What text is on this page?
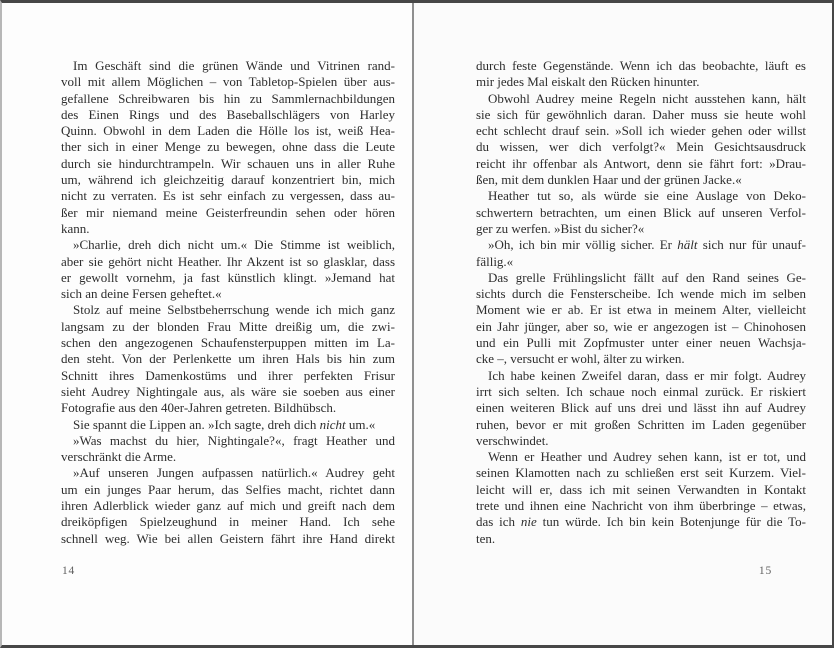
Im Geschäft sind die grünen Wände und Vitrinen rand-
voll mit allem Möglichen – von Tabletop-Spielen über aus-
gefallene Schreibwaren bis hin zu Sammlernachbildungen
des Einen Rings und des Baseballschlägers von Harley
Quinn. Obwohl in dem Laden die Hölle los ist, weiß Hea-
ther sich in einer Menge zu bewegen, ohne dass die Leute
durch sie hindurchtrampeln. Wir schauen uns in aller Ruhe
um, während ich gleichzeitig darauf konzentriert bin, mich
nicht zu verraten. Es ist sehr einfach zu vergessen, dass au-
ßer mir niemand meine Geisterfreundin sehen oder hören
kann.
»Charlie, dreh dich nicht um.« Die Stimme ist weiblich,
aber sie gehört nicht Heather. Ihr Akzent ist so glasklar, dass
er gewollt vornehm, ja fast künstlich klingt. »Jemand hat
sich an deine Fersen geheftet.«
Stolz auf meine Selbstbeherrschung wende ich mich ganz
langsam zu der blonden Frau Mitte dreißig um, die zwi-
schen den angezogenen Schaufensterpuppen mitten im La-
den steht. Von der Perlenkette um ihren Hals bis hin zum
Schnitt ihres Damenkostüms und ihrer perfekten Frisur
sieht Audrey Nightingale aus, als wäre sie soeben aus einer
Fotografie aus den 40er-Jahren getreten. Bildhübsch.
Sie spannt die Lippen an. »Ich sagte, dreh dich nicht um.«
»Was machst du hier, Nightingale?«, fragt Heather und
verschränkt die Arme.
»Auf unseren Jungen aufpassen natürlich.« Audrey geht
um ein junges Paar herum, das Selfies macht, richtet dann
ihren Adlerblick wieder ganz auf mich und greift nach dem
dreiköpfigen Spielzeughund in meiner Hand. Ich sehe
schnell weg. Wie bei allen Geistern fährt ihre Hand direkt
durch feste Gegenstände. Wenn ich das beobachte, läuft es
mir jedes Mal eiskalt den Rücken hinunter.
Obwohl Audrey meine Regeln nicht ausstehen kann, hält
sie sich für gewöhnlich daran. Daher muss sie heute wohl
echt schlecht drauf sein. »Soll ich wieder gehen oder willst
du wissen, wer dich verfolgt?« Mein Gesichtsausdruck
reicht ihr offenbar als Antwort, denn sie fährt fort: »Drau-
ßen, mit dem dunklen Haar und der grünen Jacke.«
Heather tut so, als würde sie eine Auslage von Deko-
schwertern betrachten, um einen Blick auf unseren Verfol-
ger zu werfen. »Bist du sicher?«
»Oh, ich bin mir völlig sicher. Er hält sich nur für unauf-
fällig.«
Das grelle Frühlingslicht fällt auf den Rand seines Ge-
sichts durch die Fensterscheibe. Ich wende mich im selben
Moment wie er ab. Er ist etwa in meinem Alter, vielleicht
ein Jahr jünger, aber so, wie er angezogen ist – Chinohosen
und ein Pulli mit Zopfmuster unter einer neuen Wachsja-
cke –, versucht er wohl, älter zu wirken.
Ich habe keinen Zweifel daran, dass er mir folgt. Audrey
irrt sich selten. Ich schaue noch einmal zurück. Er riskiert
einen weiteren Blick auf uns drei und lässt ihn auf Audrey
ruhen, bevor er mit großen Schritten im Laden gegenüber
verschwindet.
Wenn er Heather und Audrey sehen kann, ist er tot, und
seinen Klamotten nach zu schließen erst seit Kurzem. Viel-
leicht will er, dass ich mit seinen Verwandten in Kontakt
trete und ihnen eine Nachricht von ihm überbringe – etwas,
das ich nie tun würde. Ich bin kein Botenjunge für die To-
ten.
14	15
